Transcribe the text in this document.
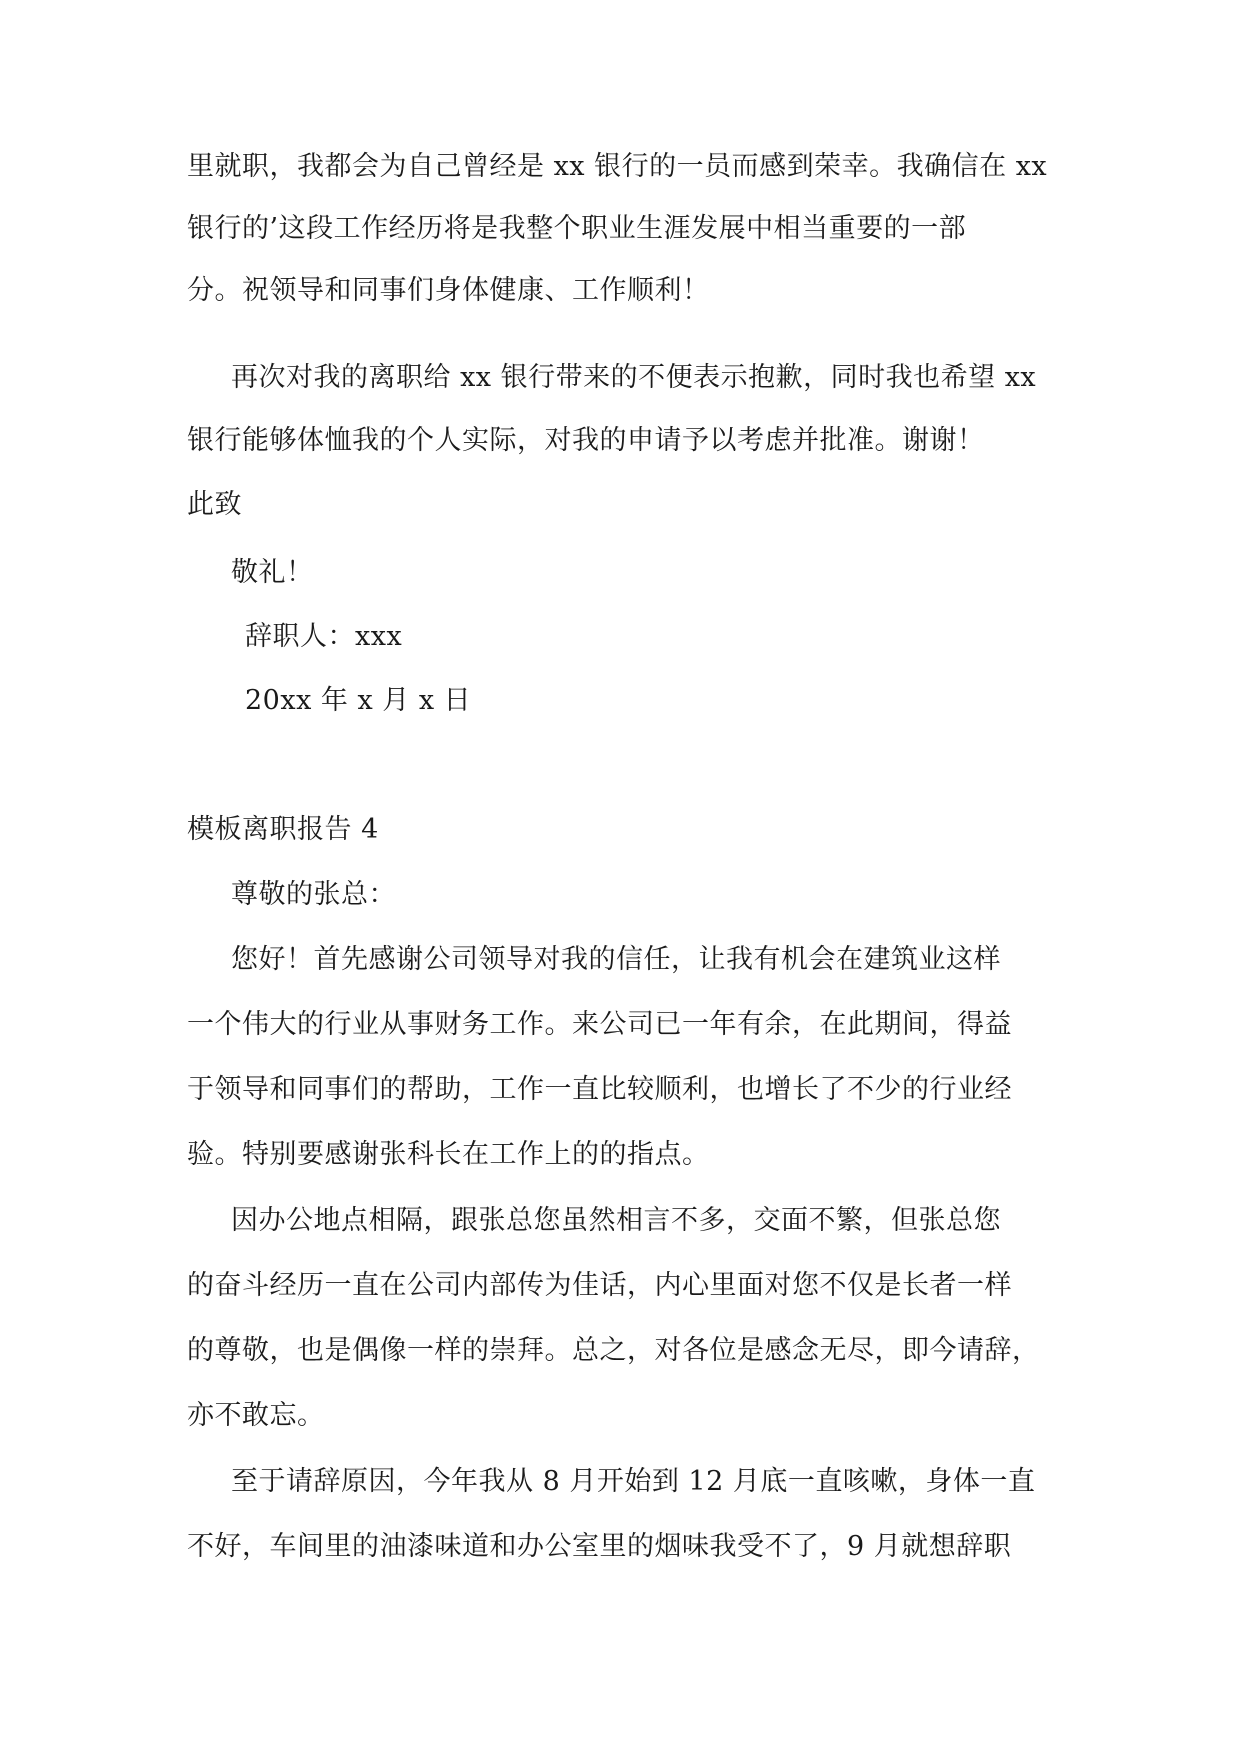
里就职，我都会为自己曾经是 xx 银行的一员而感到荣幸。我确信在 xx
银行的’这段工作经历将是我整个职业生涯发展中相当重要的一部
分。祝领导和同事们身体健康、工作顺利！
再次对我的离职给 xx 银行带来的不便表示抱歉，同时我也希望 xx
银行能够体恤我的个人实际，对我的申请予以考虑并批准。谢谢！
此致
敬礼！
辞职人：xxx
20xx 年 x 月 x 日
模板离职报告 4
尊敬的张总：
您好！首先感谢公司领导对我的信任，让我有机会在建筑业这样
一个伟大的行业从事财务工作。来公司已一年有余，在此期间，得益
于领导和同事们的帮助，工作一直比较顺利，也增长了不少的行业经
验。特别要感谢张科长在工作上的的指点。
因办公地点相隔，跟张总您虽然相言不多，交面不繁，但张总您
的奋斗经历一直在公司内部传为佳话，内心里面对您不仅是长者一样
的尊敬，也是偶像一样的崇拜。总之，对各位是感念无尽，即今请辞，
亦不敢忘。
至于请辞原因，今年我从 8 月开始到 12 月底一直咳嗽，身体一直
不好，车间里的油漆味道和办公室里的烟味我受不了，9 月就想辞职
